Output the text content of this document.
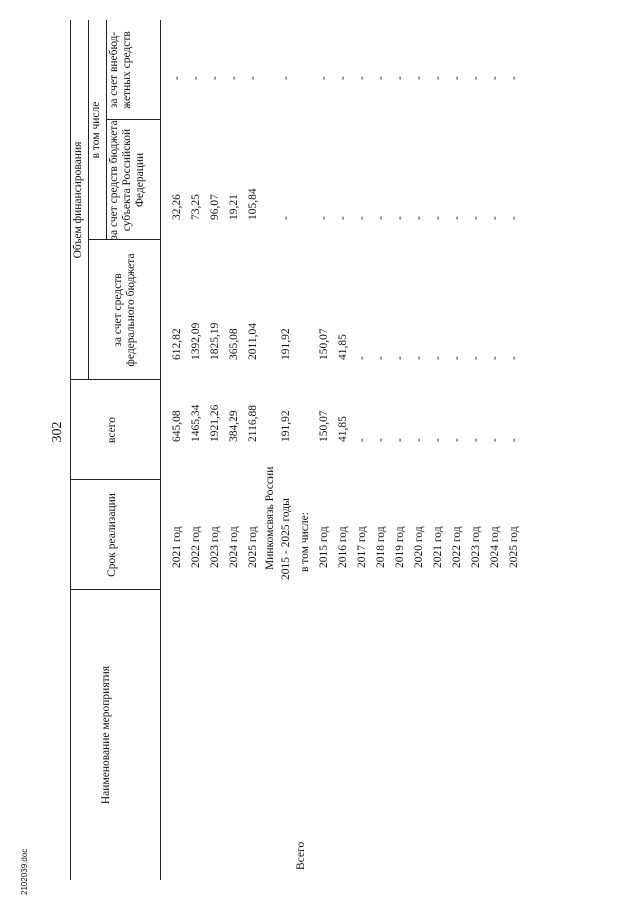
302
2102039.doc
Наименование мероприятия
Срок реализации
всего
Объем финансирования
в том числе
за счет средств федерального бюджета
за счет средств бюджета субъекта Российской Федерации
за счет внебюд-жетных средств
2021 год
645,08
612,82
32,26
-
2022 год
1465,34
1392,09
73,25
-
2023 год
1921,26
1825,19
96,07
-
2024 год
384,29
365,08
19,21
-
2025 год
2116,88
2011,04
105,84
-
Всего
Минкомсвязь России 2015 - 2025 годы
191,92
191,92
-
-
в том числе: 2015 год
150,07
150,07
-
-
2016 год
41,85
41,85
-
-
2017 год
-
-
-
-
2018 год
-
-
-
-
2019 год
-
-
-
-
2020 год
-
-
-
-
2021 год
-
-
-
-
2022 год
-
-
-
-
2023 год
-
-
-
-
2024 год
-
-
-
-
2025 год
-
-
-
-
